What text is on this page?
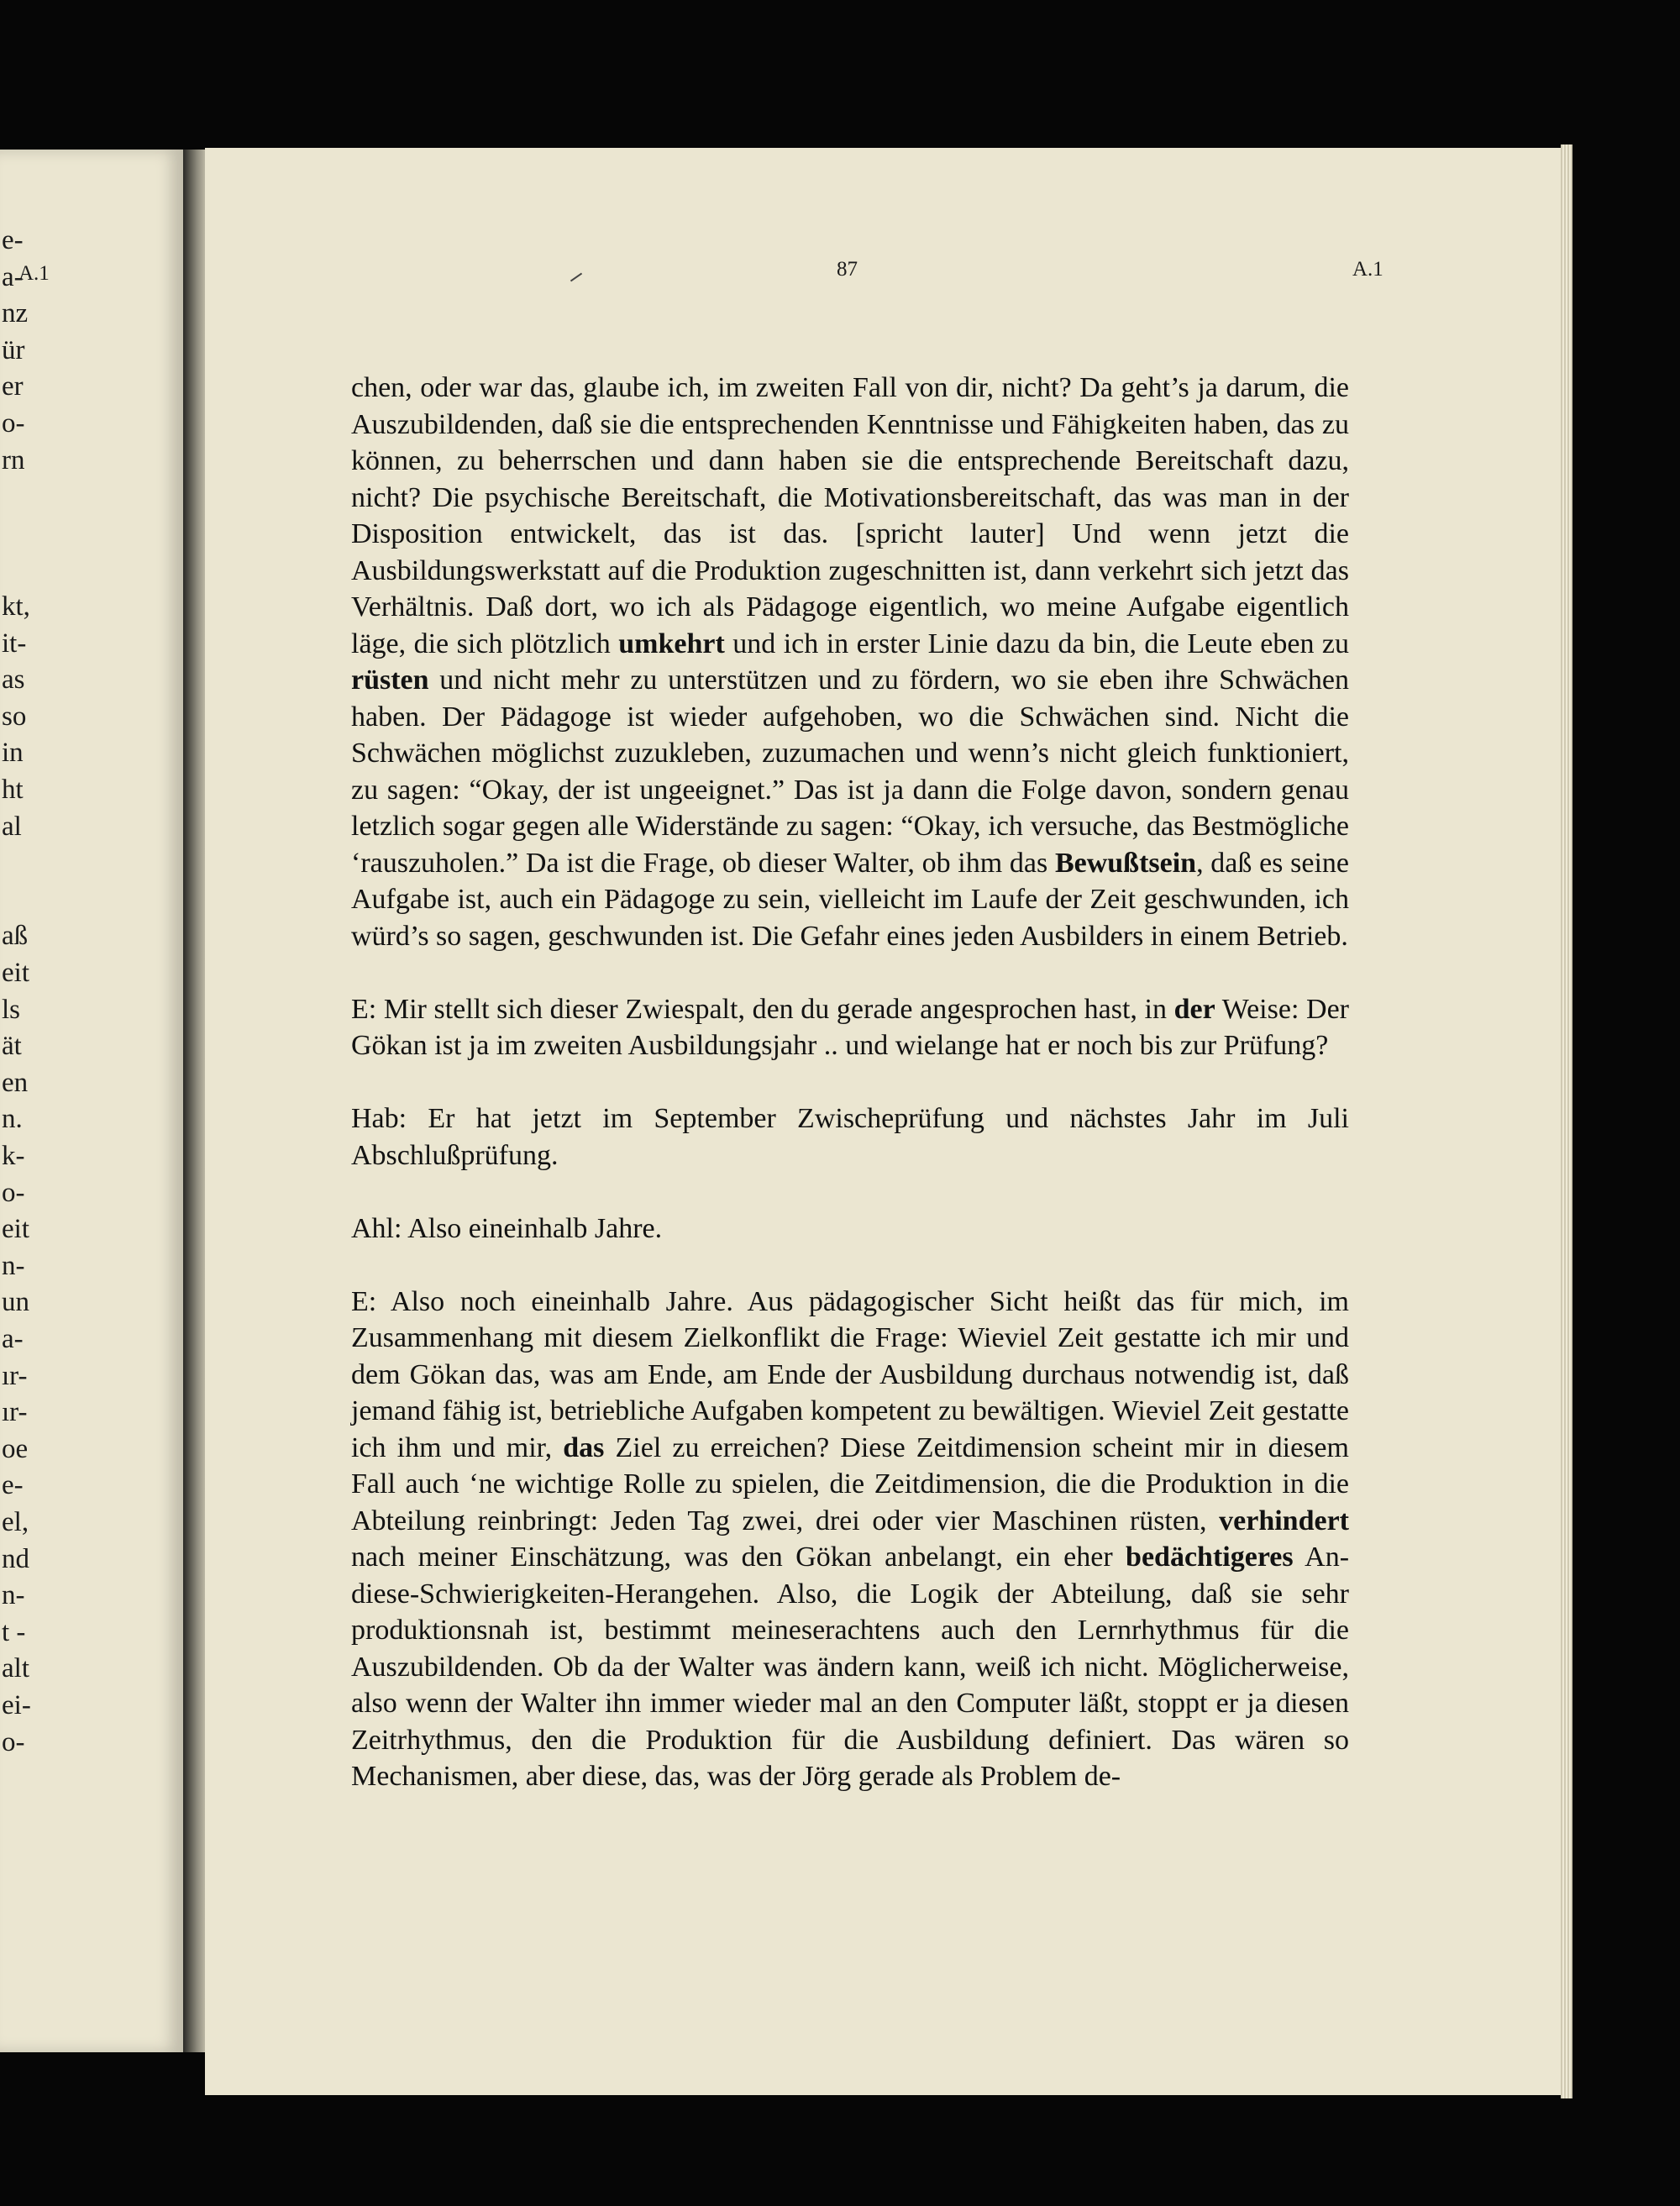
A.1
e-
a-
nz
ür
er
o-
rn
kt,
it-
as
so
in
ht
al
aß
eit
ls
ät
en
n.
k-
o-
eit
n-
un
a-
ır-
ır-
oe
e-
el,
nd
n-
t -
alt
ei-
o-
87	A.1

chen, oder war das, glaube ich, im zweiten Fall von dir, nicht? Da geht’s ja darum, die Auszubildenden, daß sie die entsprechenden Kenntnisse und Fähigkeiten haben, das zu können, zu beherrschen und dann haben sie die entsprechende Bereitschaft dazu, nicht? Die psychische Bereitschaft, die Motivationsbereitschaft, das was man in der Disposition entwickelt, das ist das. [spricht lauter] Und wenn jetzt die Ausbildungswerkstatt auf die Produktion zugeschnitten ist, dann verkehrt sich jetzt das Verhältnis. Daß dort, wo ich als Pädagoge eigentlich, wo meine Aufgabe eigentlich läge, die sich plötzlich umkehrt und ich in erster Linie dazu da bin, die Leute eben zu rüsten und nicht mehr zu unterstützen und zu fördern, wo sie eben ihre Schwächen haben. Der Pädagoge ist wieder aufgehoben, wo die Schwächen sind. Nicht die Schwächen möglichst zuzukleben, zuzumachen und wenn’s nicht gleich funktioniert, zu sagen: “Okay, der ist ungeeignet.” Das ist ja dann die Folge davon, sondern genau letzlich sogar gegen alle Widerstände zu sagen: “Okay, ich versuche, das Bestmögliche ‘rauszuholen.” Da ist die Frage, ob dieser Walter, ob ihm das Bewußtsein, daß es seine Aufgabe ist, auch ein Pädagoge zu sein, vielleicht im Laufe der Zeit geschwunden, ich würd’s so sagen, geschwunden ist. Die Gefahr eines jeden Ausbilders in einem Betrieb.

E: Mir stellt sich dieser Zwiespalt, den du gerade angesprochen hast, in der Weise: Der Gökan ist ja im zweiten Ausbildungsjahr .. und wielange hat er noch bis zur Prüfung?

Hab: Er hat jetzt im September Zwischeprüfung und nächstes Jahr im Juli Abschlußprüfung.

Ahl: Also eineinhalb Jahre.

E: Also noch eineinhalb Jahre. Aus pädagogischer Sicht heißt das für mich, im Zusammenhang mit diesem Zielkonflikt die Frage: Wieviel Zeit gestatte ich mir und dem Gökan das, was am Ende, am Ende der Ausbildung durchaus notwendig ist, daß jemand fähig ist, betriebliche Aufgaben kompetent zu bewältigen. Wieviel Zeit gestatte ich ihm und mir, das Ziel zu erreichen? Diese Zeitdimension scheint mir in diesem Fall auch ‘ne wichtige Rolle zu spielen, die Zeitdimension, die die Produktion in die Abteilung reinbringt: Jeden Tag zwei, drei oder vier Maschinen rüsten, verhindert nach meiner Einschätzung, was den Gökan anbelangt, ein eher bedächtigeres An-diese-Schwierigkeiten-Herangehen. Also, die Logik der Abteilung, daß sie sehr produktionsnah ist, bestimmt meineserachtens auch den Lernrhythmus für die Auszubildenden. Ob da der Walter was ändern kann, weiß ich nicht. Möglicherweise, also wenn der Walter ihn immer wieder mal an den Computer läßt, stoppt er ja diesen Zeitrhythmus, den die Produktion für die Ausbildung definiert. Das wären so Mechanismen, aber diese, das, was der Jörg gerade als Problem de-
